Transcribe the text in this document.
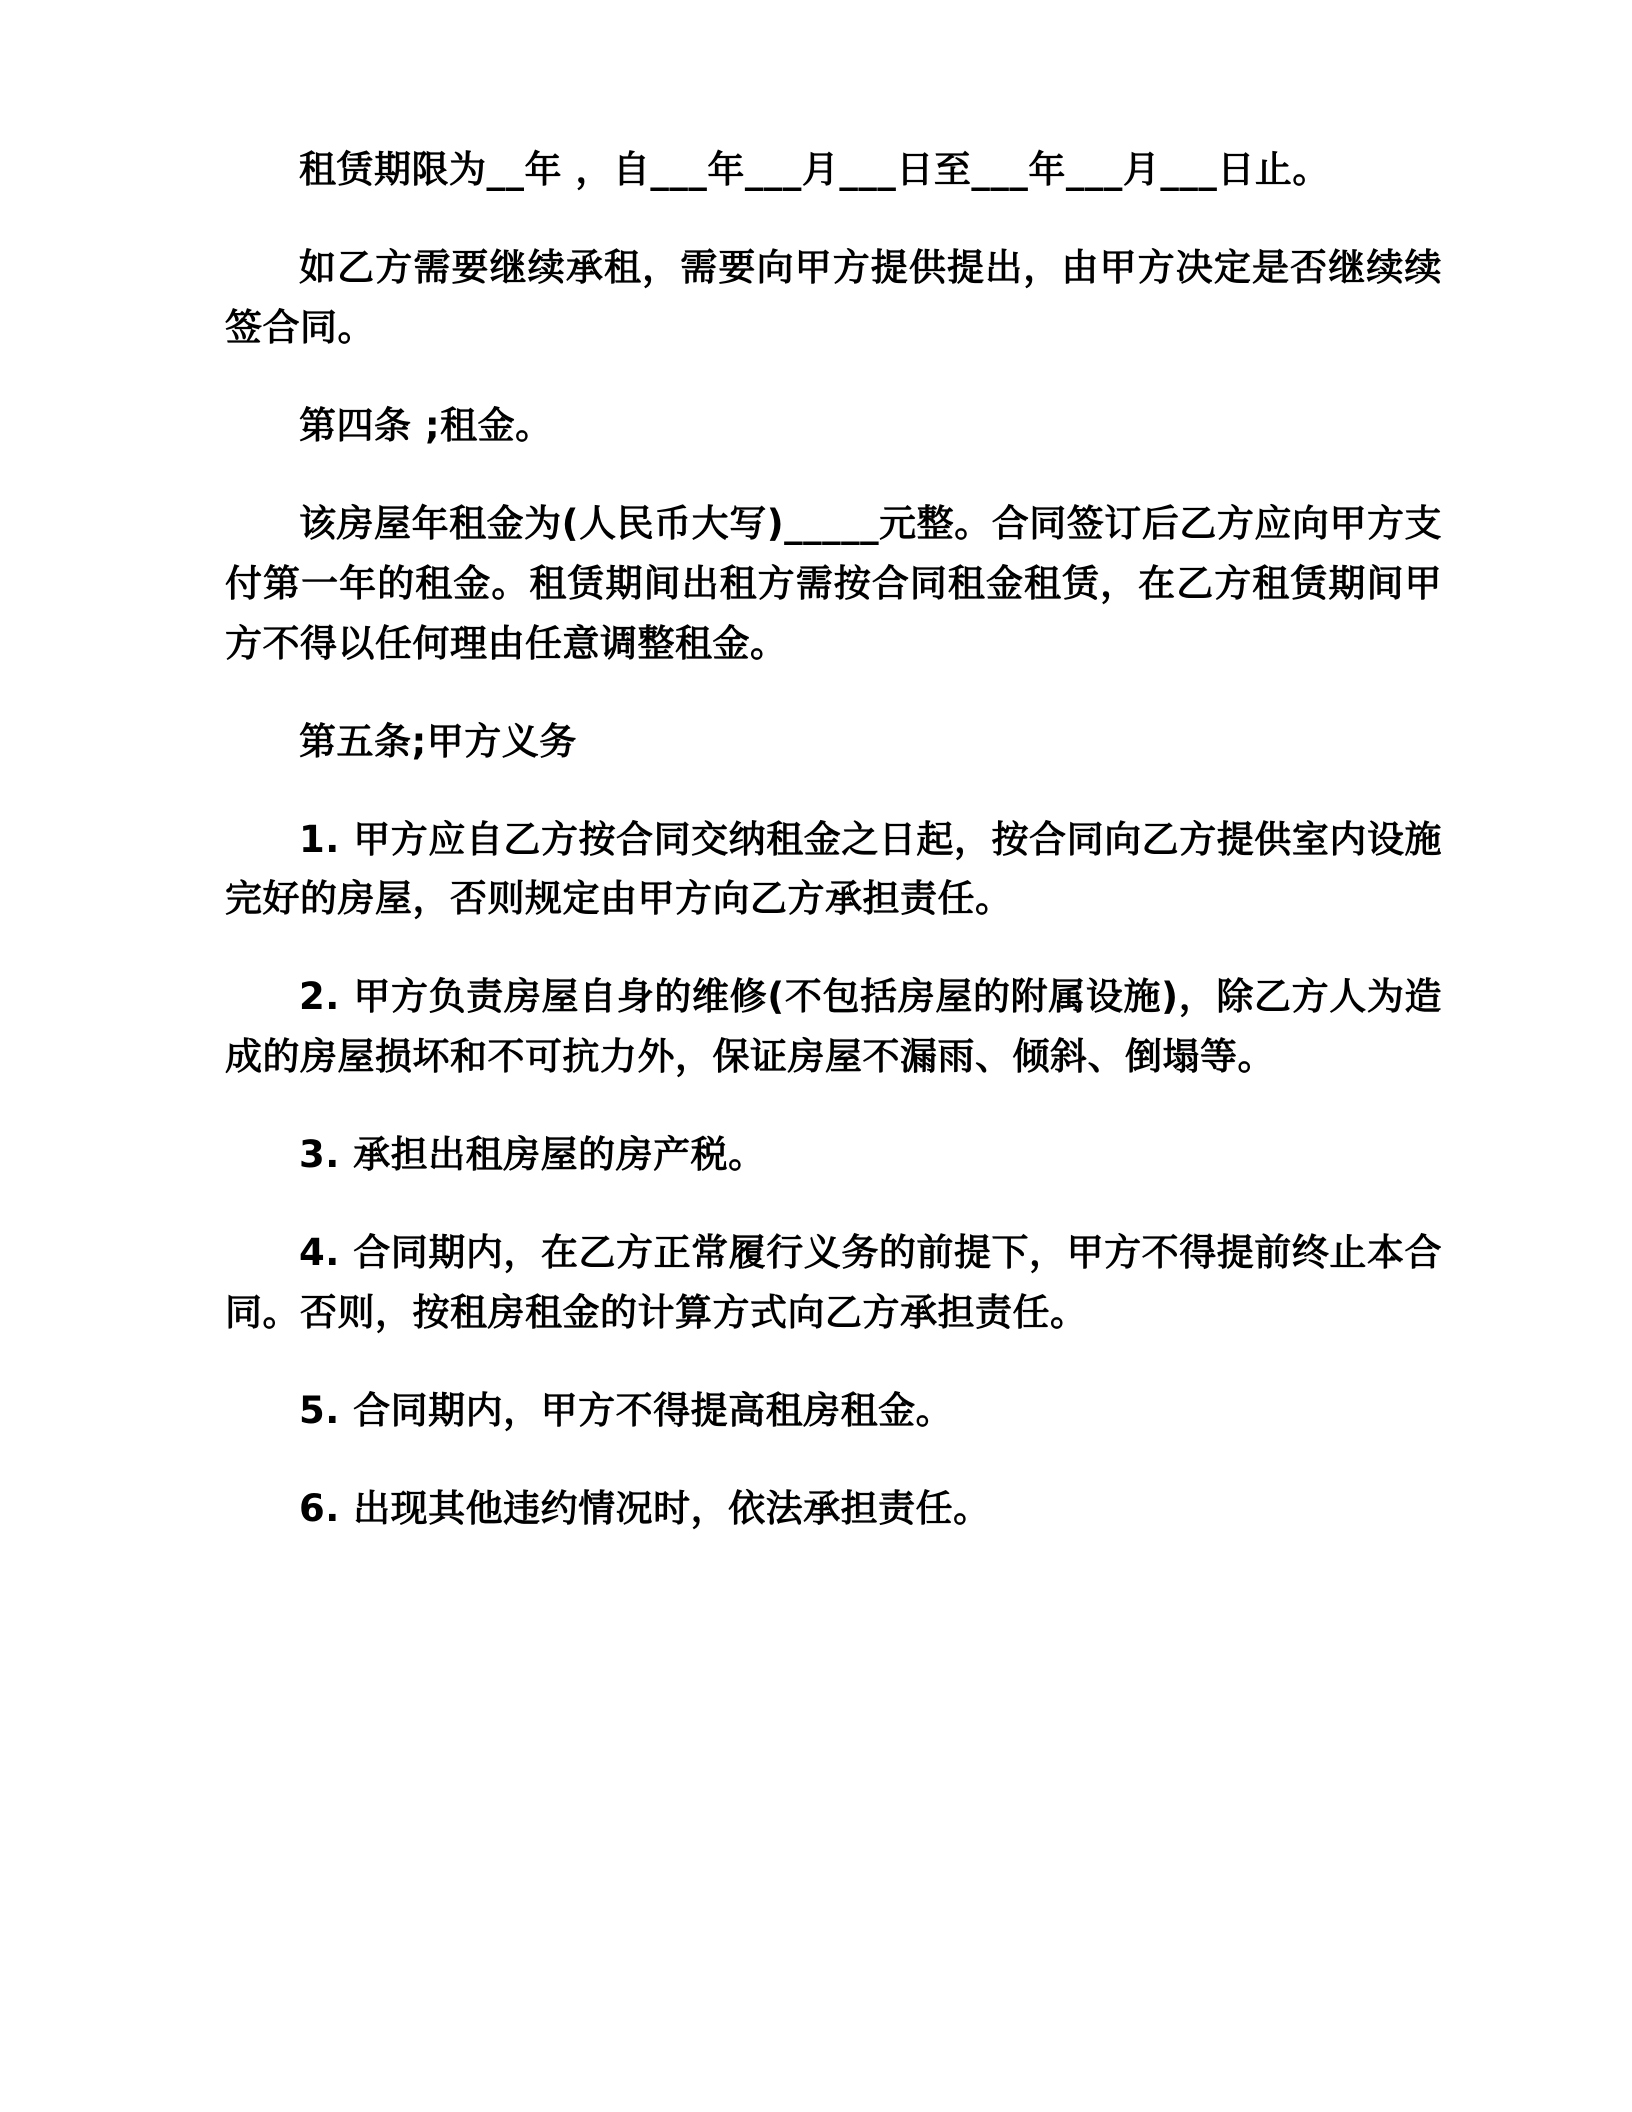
租赁期限为__年 ，自___年___月___日至___年___月___日止。

如乙方需要继续承租，需要向甲方提供提出，由甲方决定是否继续续签合同。

第四条 ;租金。

该房屋年租金为(人民币大写)_____元整。合同签订后乙方应向甲方支付第一年的租金。租赁期间出租方需按合同租金租赁，在乙方租赁期间甲方不得以任何理由任意调整租金。

第五条;甲方义务

1. 甲方应自乙方按合同交纳租金之日起，按合同向乙方提供室内设施完好的房屋，否则规定由甲方向乙方承担责任。

2. 甲方负责房屋自身的维修(不包括房屋的附属设施)，除乙方人为造成的房屋损坏和不可抗力外，保证房屋不漏雨、倾斜、倒塌等。

3. 承担出租房屋的房产税。

4. 合同期内，在乙方正常履行义务的前提下，甲方不得提前终止本合同。否则，按租房租金的计算方式向乙方承担责任。

5. 合同期内，甲方不得提高租房租金。

6. 出现其他违约情况时，依法承担责任。
